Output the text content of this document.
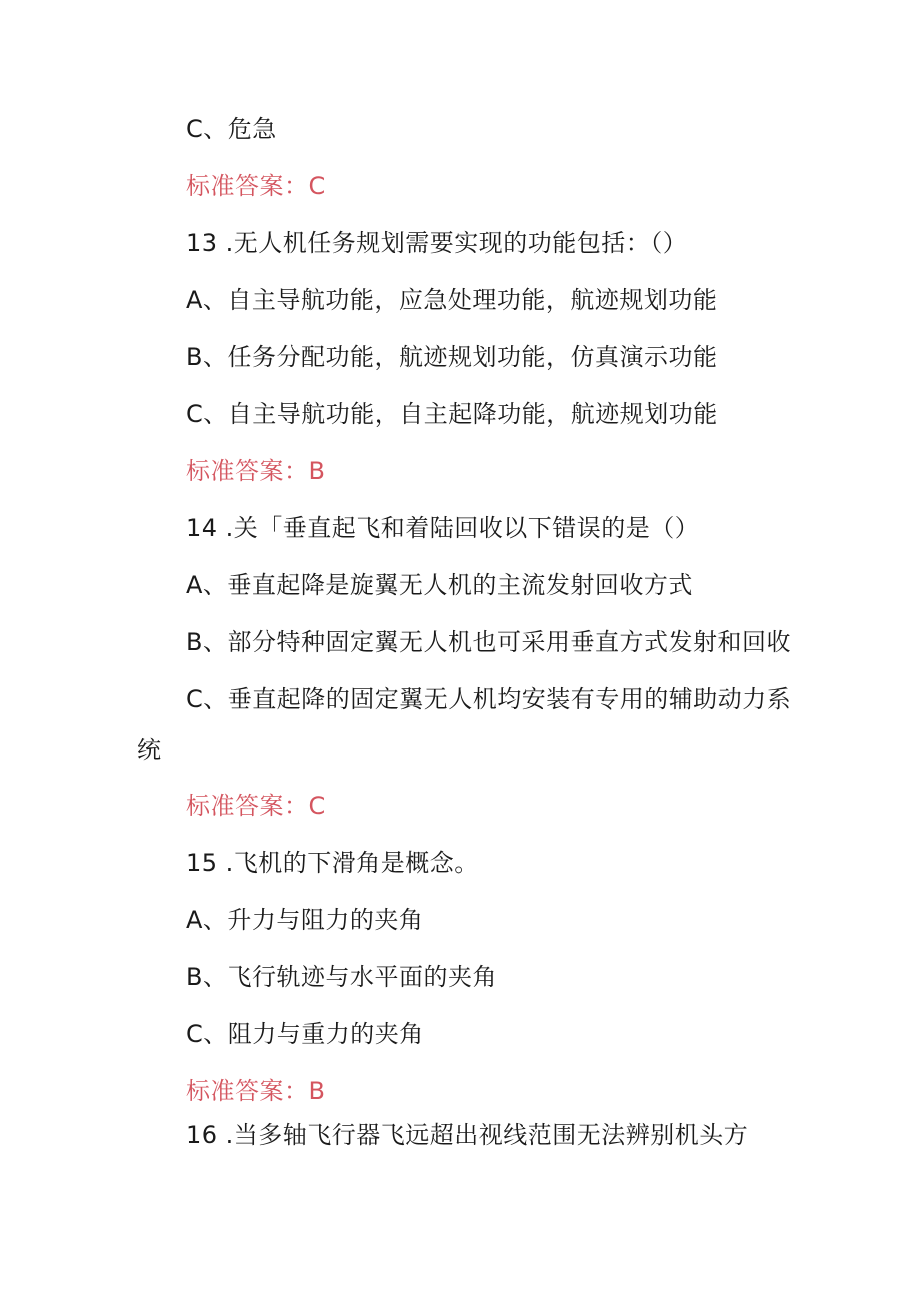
C、危急
标准答案：C
13 .无人机任务规划需要实现的功能包括：（）
A、自主导航功能，应急处理功能，航迹规划功能
B、任务分配功能，航迹规划功能，仿真演示功能
C、自主导航功能，自主起降功能，航迹规划功能
标准答案：B
14 .关「垂直起飞和着陆回收以下错误的是（）
A、垂直起降是旋翼无人机的主流发射回收方式
B、部分特种固定翼无人机也可采用垂直方式发射和回收
C、垂直起降的固定翼无人机均安装有专用的辅助动力系
统
标准答案：C
15 .飞机的下滑角是概念。
A、升力与阻力的夹角
B、飞行轨迹与水平面的夹角
C、阻力与重力的夹角
标准答案：B
16 .当多轴飞行器飞远超出视线范围无法辨别机头方
